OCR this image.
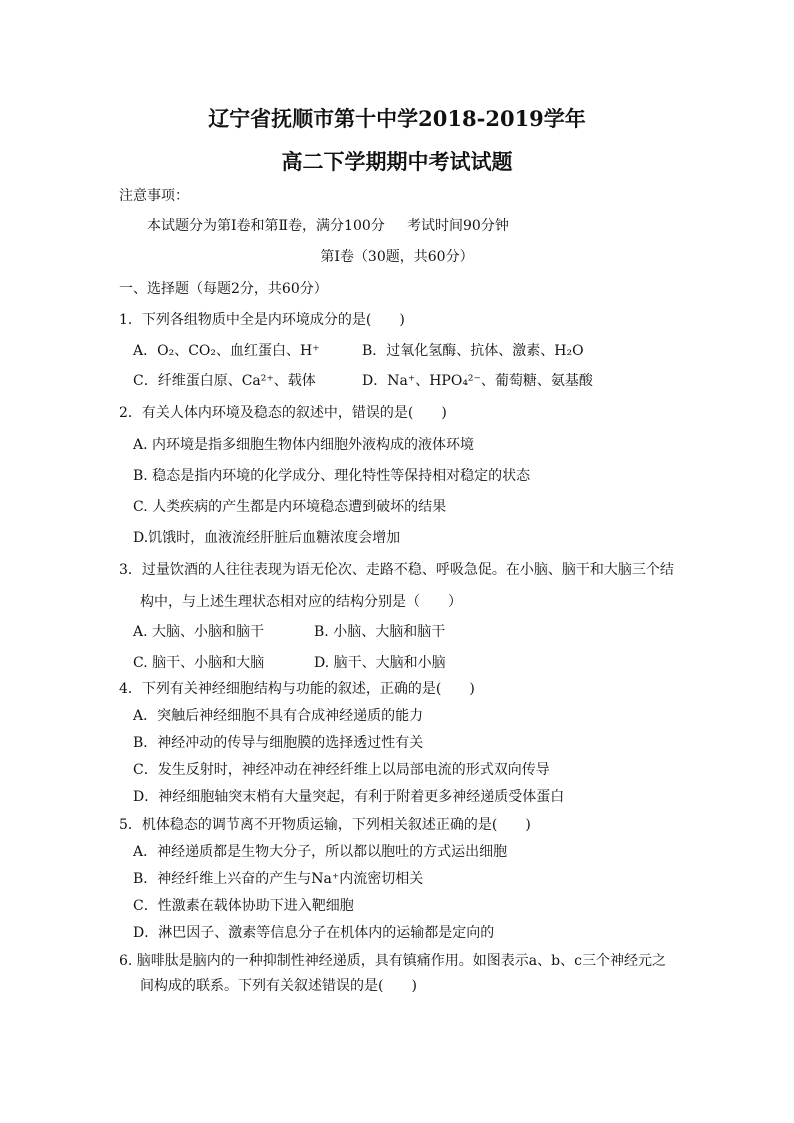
辽宁省抚顺市第十中学2018-2019学年
高二下学期期中考试试题
注意事项：
本试题分为第Ⅰ卷和第Ⅱ卷，满分100分     考试时间90分钟
第Ⅰ卷（30题，共60分）
一、选择题（每题2分，共60分）
1．下列各组物质中全是内环境成分的是(　　)
A．O₂、CO₂、血红蛋白、H⁺	B．过氧化氢酶、抗体、激素、H₂O
C．纤维蛋白原、Ca²⁺、载体	D．Na⁺、HPO₄²⁻、葡萄糖、氨基酸
2．有关人体内环境及稳态的叙述中，错误的是(　　)
A. 内环境是指多细胞生物体内细胞外液构成的液体环境
B. 稳态是指内环境的化学成分、理化特性等保持相对稳定的状态
C. 人类疾病的产生都是内环境稳态遭到破坏的结果
D.饥饿时，血液流经肝脏后血糖浓度会增加
3．过量饮酒的人往往表现为语无伦次、走路不稳、呼吸急促。在小脑、脑干和大脑三个结
构中，与上述生理状态相对应的结构分别是（　　）
A. 大脑、小脑和脑干	B. 小脑、大脑和脑干
C. 脑干、小脑和大脑	D. 脑干、大脑和小脑
4．下列有关神经细胞结构与功能的叙述，正确的是(　　)
A．突触后神经细胞不具有合成神经递质的能力
B．神经冲动的传导与细胞膜的选择透过性有关
C．发生反射时，神经冲动在神经纤维上以局部电流的形式双向传导
D．神经细胞轴突末梢有大量突起，有利于附着更多神经递质受体蛋白
5．机体稳态的调节离不开物质运输，下列相关叙述正确的是(　　)
A．神经递质都是生物大分子，所以都以胞吐的方式运出细胞
B．神经纤维上兴奋的产生与Na⁺内流密切相关
C．性激素在载体协助下进入靶细胞
D．淋巴因子、激素等信息分子在机体内的运输都是定向的
6. 脑啡肽是脑内的一种抑制性神经递质，具有镇痛作用。如图表示a、b、c三个神经元之
间构成的联系。下列有关叙述错误的是(　　)
